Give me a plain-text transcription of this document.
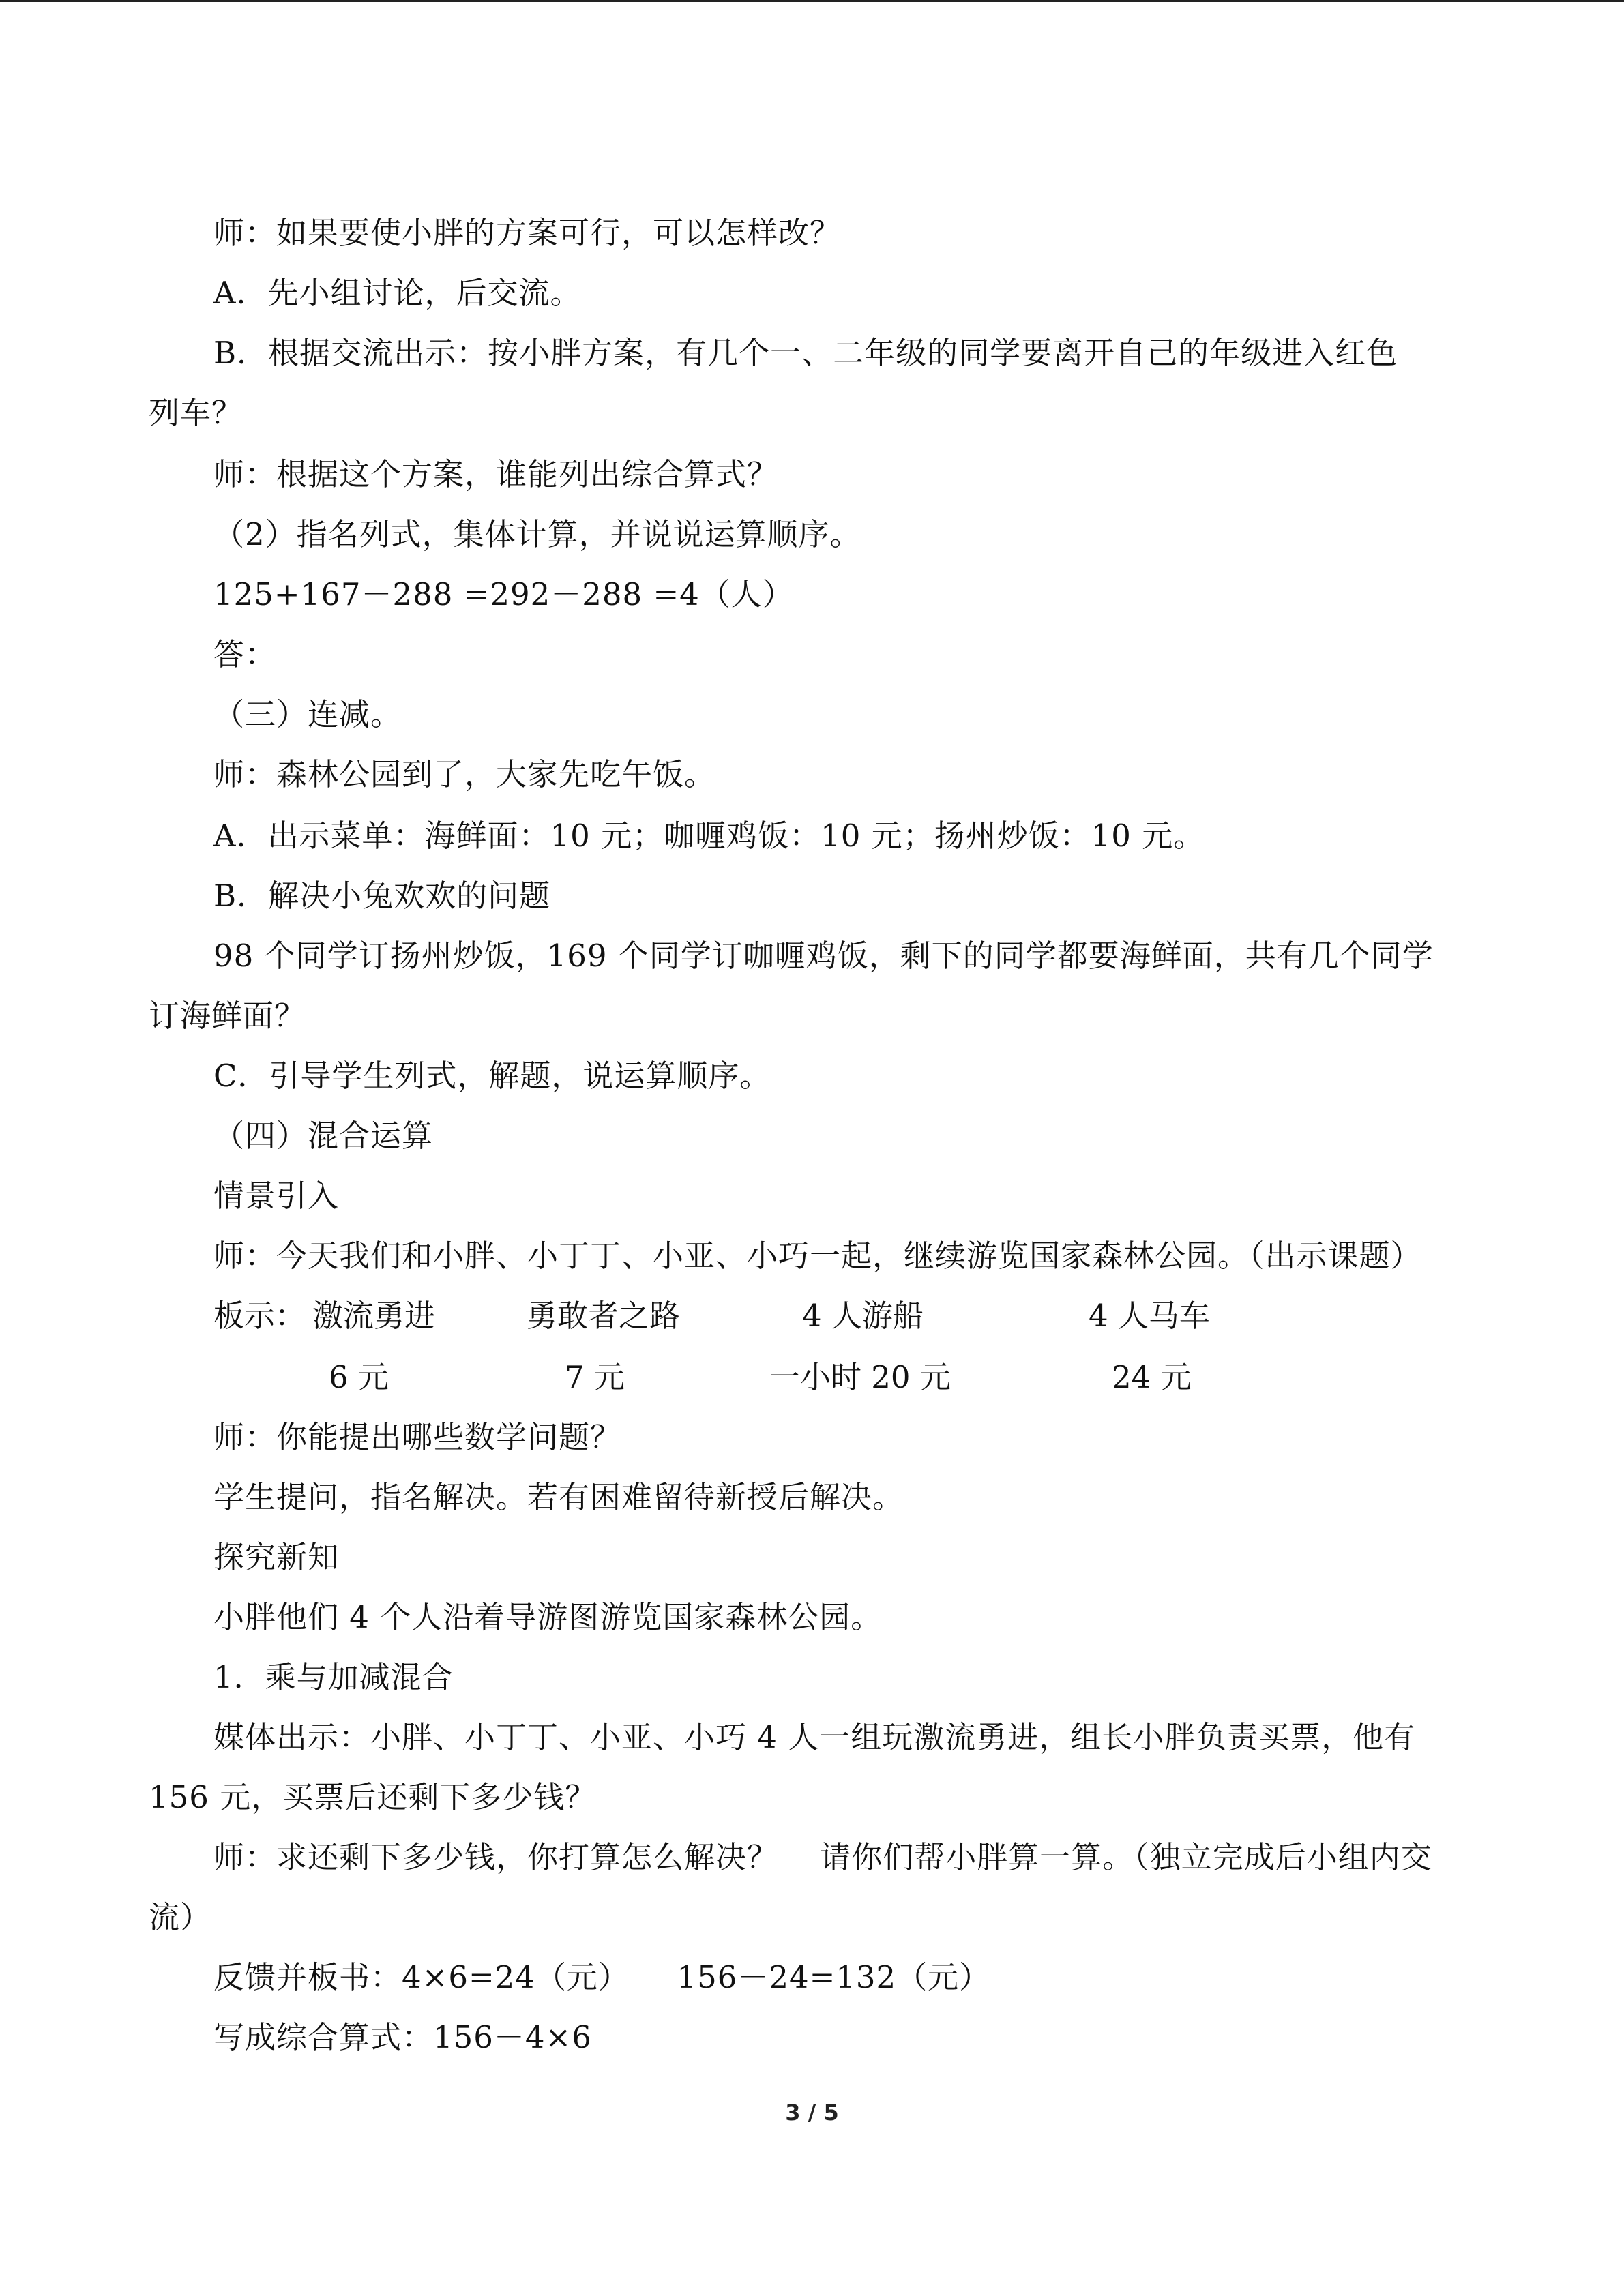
师：如果要使小胖的方案可行，可以怎样改？
A．先小组讨论，后交流。
B．根据交流出示：按小胖方案，有几个一、二年级的同学要离开自己的年级进入红色
列车？
师：根据这个方案，谁能列出综合算式？
（2）指名列式，集体计算，并说说运算顺序。
125+167－288 =292－288 =4（人）
答：
（三）连减。
师：森林公园到了，大家先吃午饭。
A．出示菜单：海鲜面：10 元；咖喱鸡饭：10 元；扬州炒饭：10 元。
B．解决小兔欢欢的问题
98 个同学订扬州炒饭，169 个同学订咖喱鸡饭，剩下的同学都要海鲜面，共有几个同学
订海鲜面？
C．引导学生列式，解题，说运算顺序。
（四）混合运算
情景引入
师：今天我们和小胖、小丁丁、小亚、小巧一起，继续游览国家森林公园。（出示课题）
板示： 激流勇进	勇敢者之路	4 人游船	4 人马车
6 元	7 元	一小时 20 元	24 元
师：你能提出哪些数学问题？
学生提问，指名解决。若有困难留待新授后解决。
探究新知
小胖他们 4 个人沿着导游图游览国家森林公园。
1．乘与加减混合
媒体出示：小胖、小丁丁、小亚、小巧 4 人一组玩激流勇进，组长小胖负责买票，他有
156 元，买票后还剩下多少钱？
师：求还剩下多少钱，你打算怎么解决？　 请你们帮小胖算一算。（独立完成后小组内交
流）
反馈并板书：4×6=24（元）　　156－24=132（元）
写成综合算式：156－4×6
3 / 5
